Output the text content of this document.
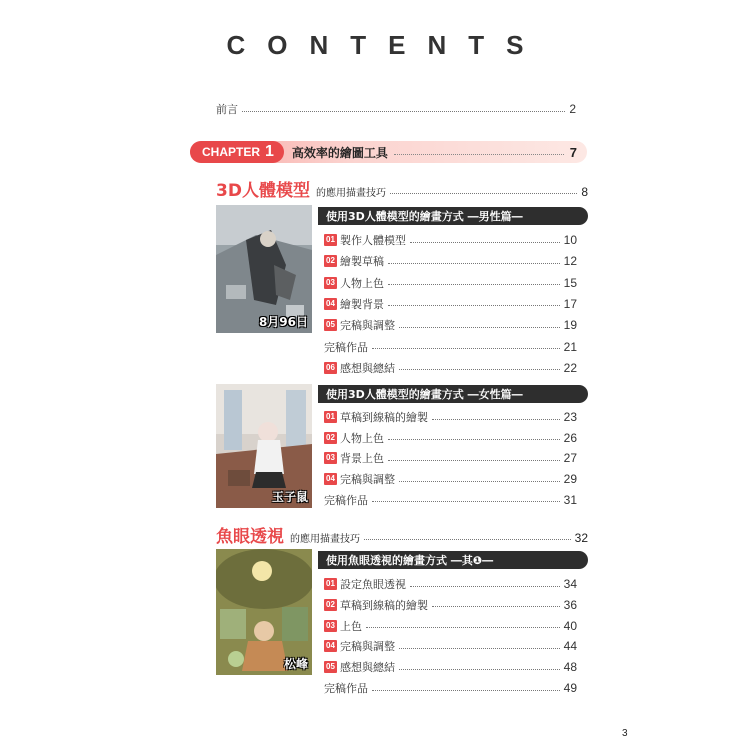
CONTENTS
前言	2
CHAPTER 1 高效率的繪圖工具	7
3D人體模型 的應用描畫技巧	8
8月96日
使用3D人體模型的繪畫方式 ―男性篇―
01 製作人體模型	10
02 繪製草稿	12
03 人物上色	15
04 繪製背景	17
05 完稿與調整	19
完稿作品	21
06 感想與總結	22
玉子鼠
使用3D人體模型的繪畫方式 ―女性篇―
01 草稿到線稿的繪製	23
02 人物上色	26
03 背景上色	27
04 完稿與調整	29
完稿作品	31
魚眼透視 的應用描畫技巧	32
松峰
使用魚眼透視的繪畫方式 ―其❶―
01 設定魚眼透視	34
02 草稿到線稿的繪製	36
03 上色	40
04 完稿與調整	44
05 感想與總結	48
完稿作品	49
3
